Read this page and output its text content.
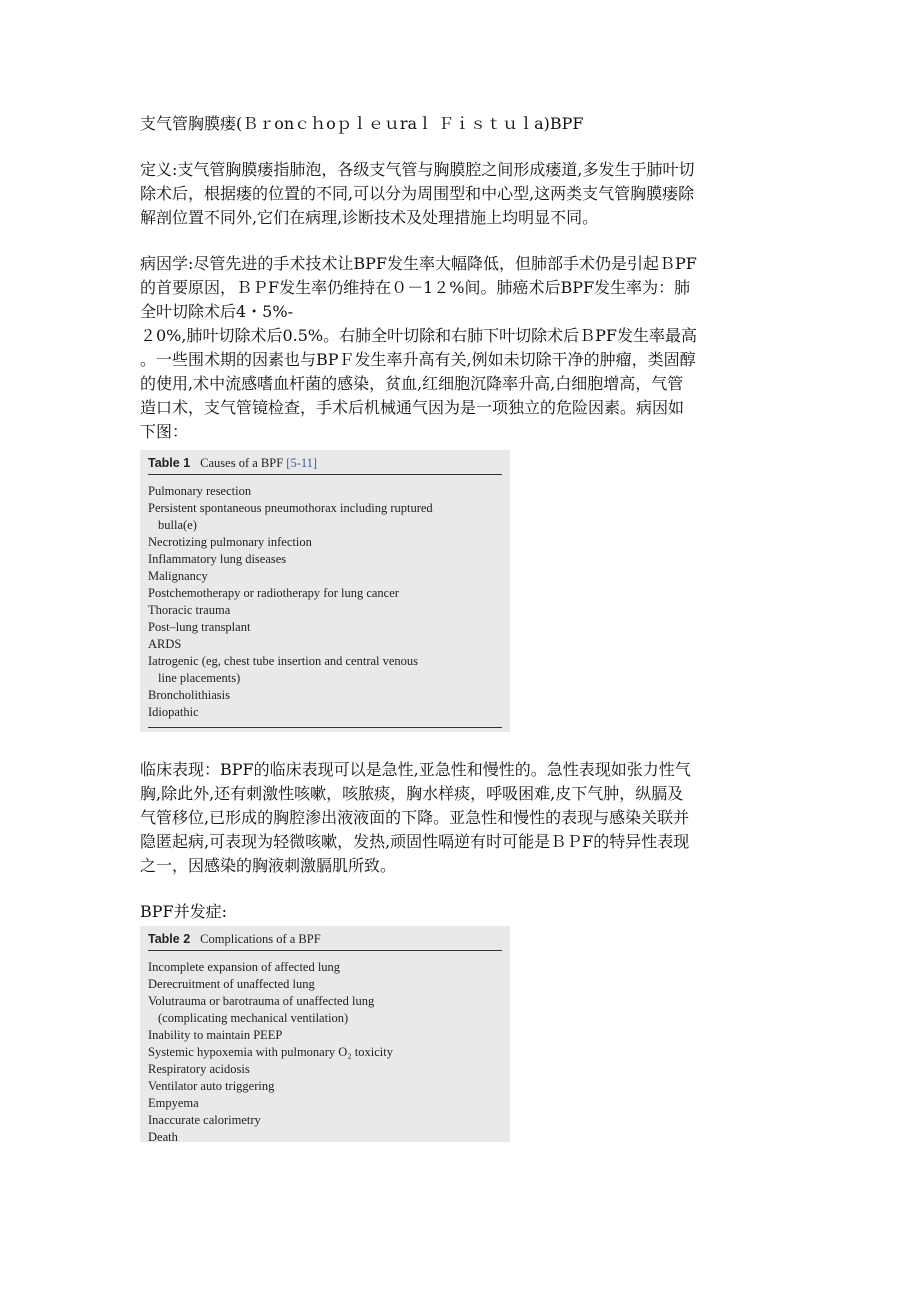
支气管胸膜瘘(Ｂｒonｃｈoｐｌｅｕraｌ Ｆｉｓｔｕｌa)BPF

定义:支气管胸膜瘘指肺泡，各级支气管与胸膜腔之间形成瘘道,多发生于肺叶切

除术后，根据瘘的位置的不同,可以分为周围型和中心型,这两类支气管胸膜瘘除

解剖位置不同外,它们在病理,诊断技术及处理措施上均明显不同。

病因学:尽管先进的手术技术让BPF发生率大幅降低，但肺部手术仍是引起ＢPF

的首要原因，ＢＰF发生率仍维持在０－1２%间。肺癌术后BPF发生率为：肺

全叶切除术后4・5%-

２0%,肺叶切除术后0.5%。右肺全叶切除和右肺下叶切除术后ＢPF发生率最高

。一些围术期的因素也与BPＦ发生率升高有关,例如未切除干净的肿瘤，类固醇

的使用,术中流感嗜血杆菌的感染，贫血,红细胞沉降率升高,白细胞增高，气管

造口术，支气管镜检查，手术后机械通气因为是一项独立的危险因素。病因如

下图：

Table 1 Causes of a BPF [5-11]
Pulmonary resection
Persistent spontaneous pneumothorax including ruptured
bulla(e)
Necrotizing pulmonary infection
Inflammatory lung diseases
Malignancy
Postchemotherapy or radiotherapy for lung cancer
Thoracic trauma
Post–lung transplant
ARDS
Iatrogenic (eg, chest tube insertion and central venous
line placements)
Broncholithiasis
Idiopathic

临床表现：BPF的临床表现可以是急性,亚急性和慢性的。急性表现如张力性气

胸,除此外,还有刺激性咳嗽，咳脓痰，胸水样痰，呼吸困难,皮下气肿，纵膈及

气管移位,已形成的胸腔渗出液液面的下降。亚急性和慢性的表现与感染关联并

隐匿起病,可表现为轻微咳嗽，发热,顽固性嗝逆有时可能是ＢＰF的特异性表现

之一，因感染的胸液刺激膈肌所致。

BPF并发症:

Table 2 Complications of a BPF
Incomplete expansion of affected lung
Derecruitment of unaffected lung
Volutrauma or barotrauma of unaffected lung
(complicating mechanical ventilation)
Inability to maintain PEEP
Systemic hypoxemia with pulmonary O₂ toxicity
Respiratory acidosis
Ventilator auto triggering
Empyema
Inaccurate calorimetry
Death
